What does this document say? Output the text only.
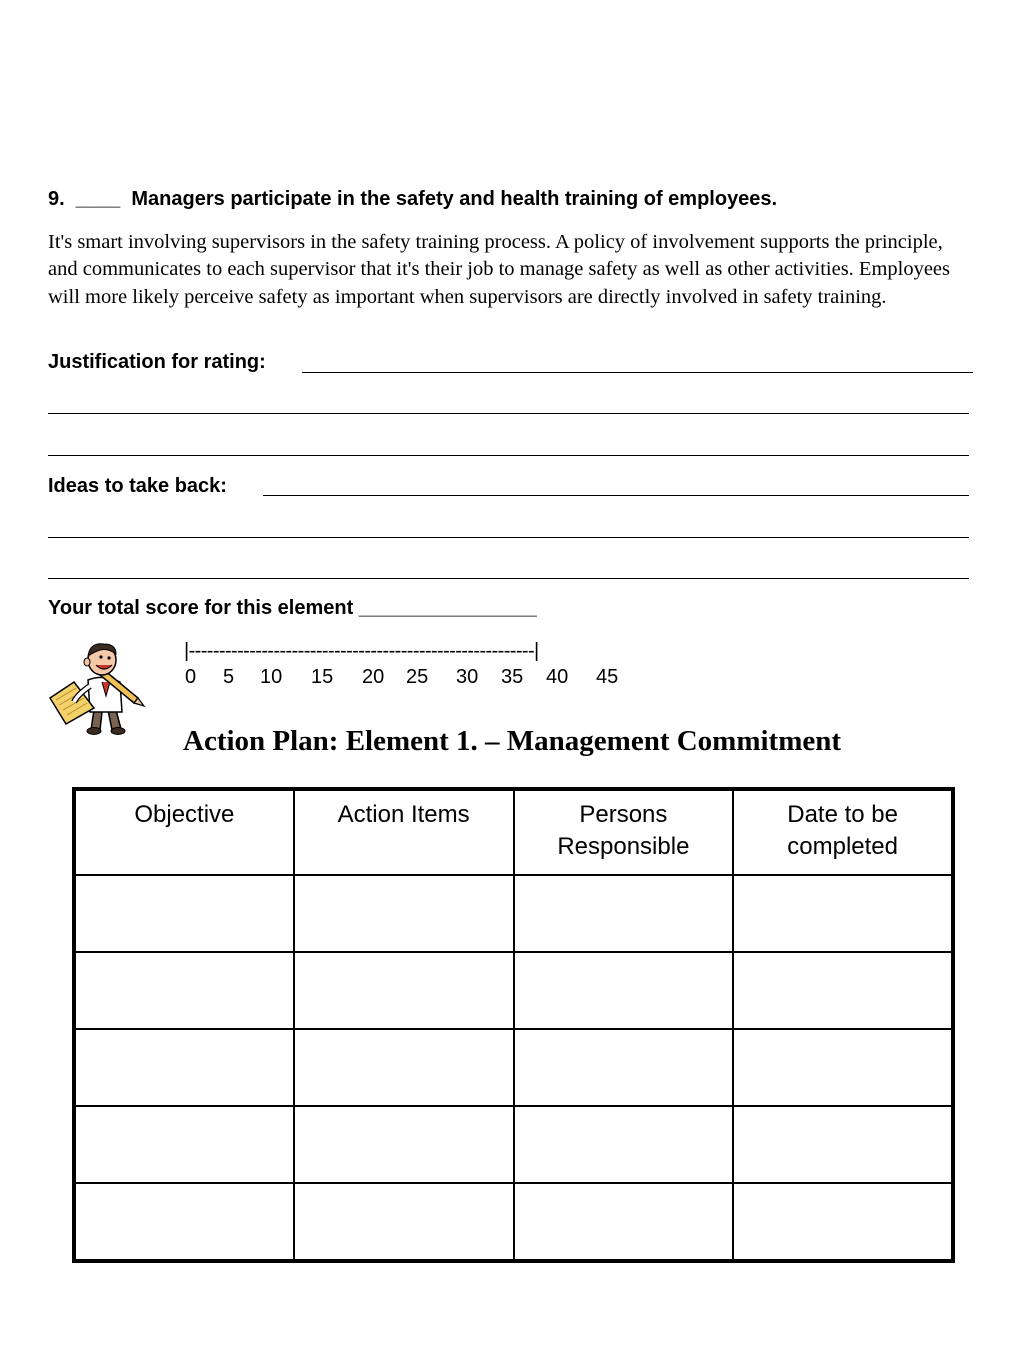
9.  ____  Managers participate in the safety and health training of employees.
It's smart involving supervisors in the safety training process. A policy of involvement supports the principle, and communicates to each supervisor that it's their job to manage safety as well as other activities. Employees will more likely perceive safety as important when supervisors are directly involved in safety training.
Justification for rating:
Ideas to take back:
Your total score for this element ________________
|---------------------------------------------------------|
0 5 10 15 20 25 30 35 40 45
Action Plan: Element 1. – Management Commitment
Objective	Action Items	Persons Responsible	Date to be completed
